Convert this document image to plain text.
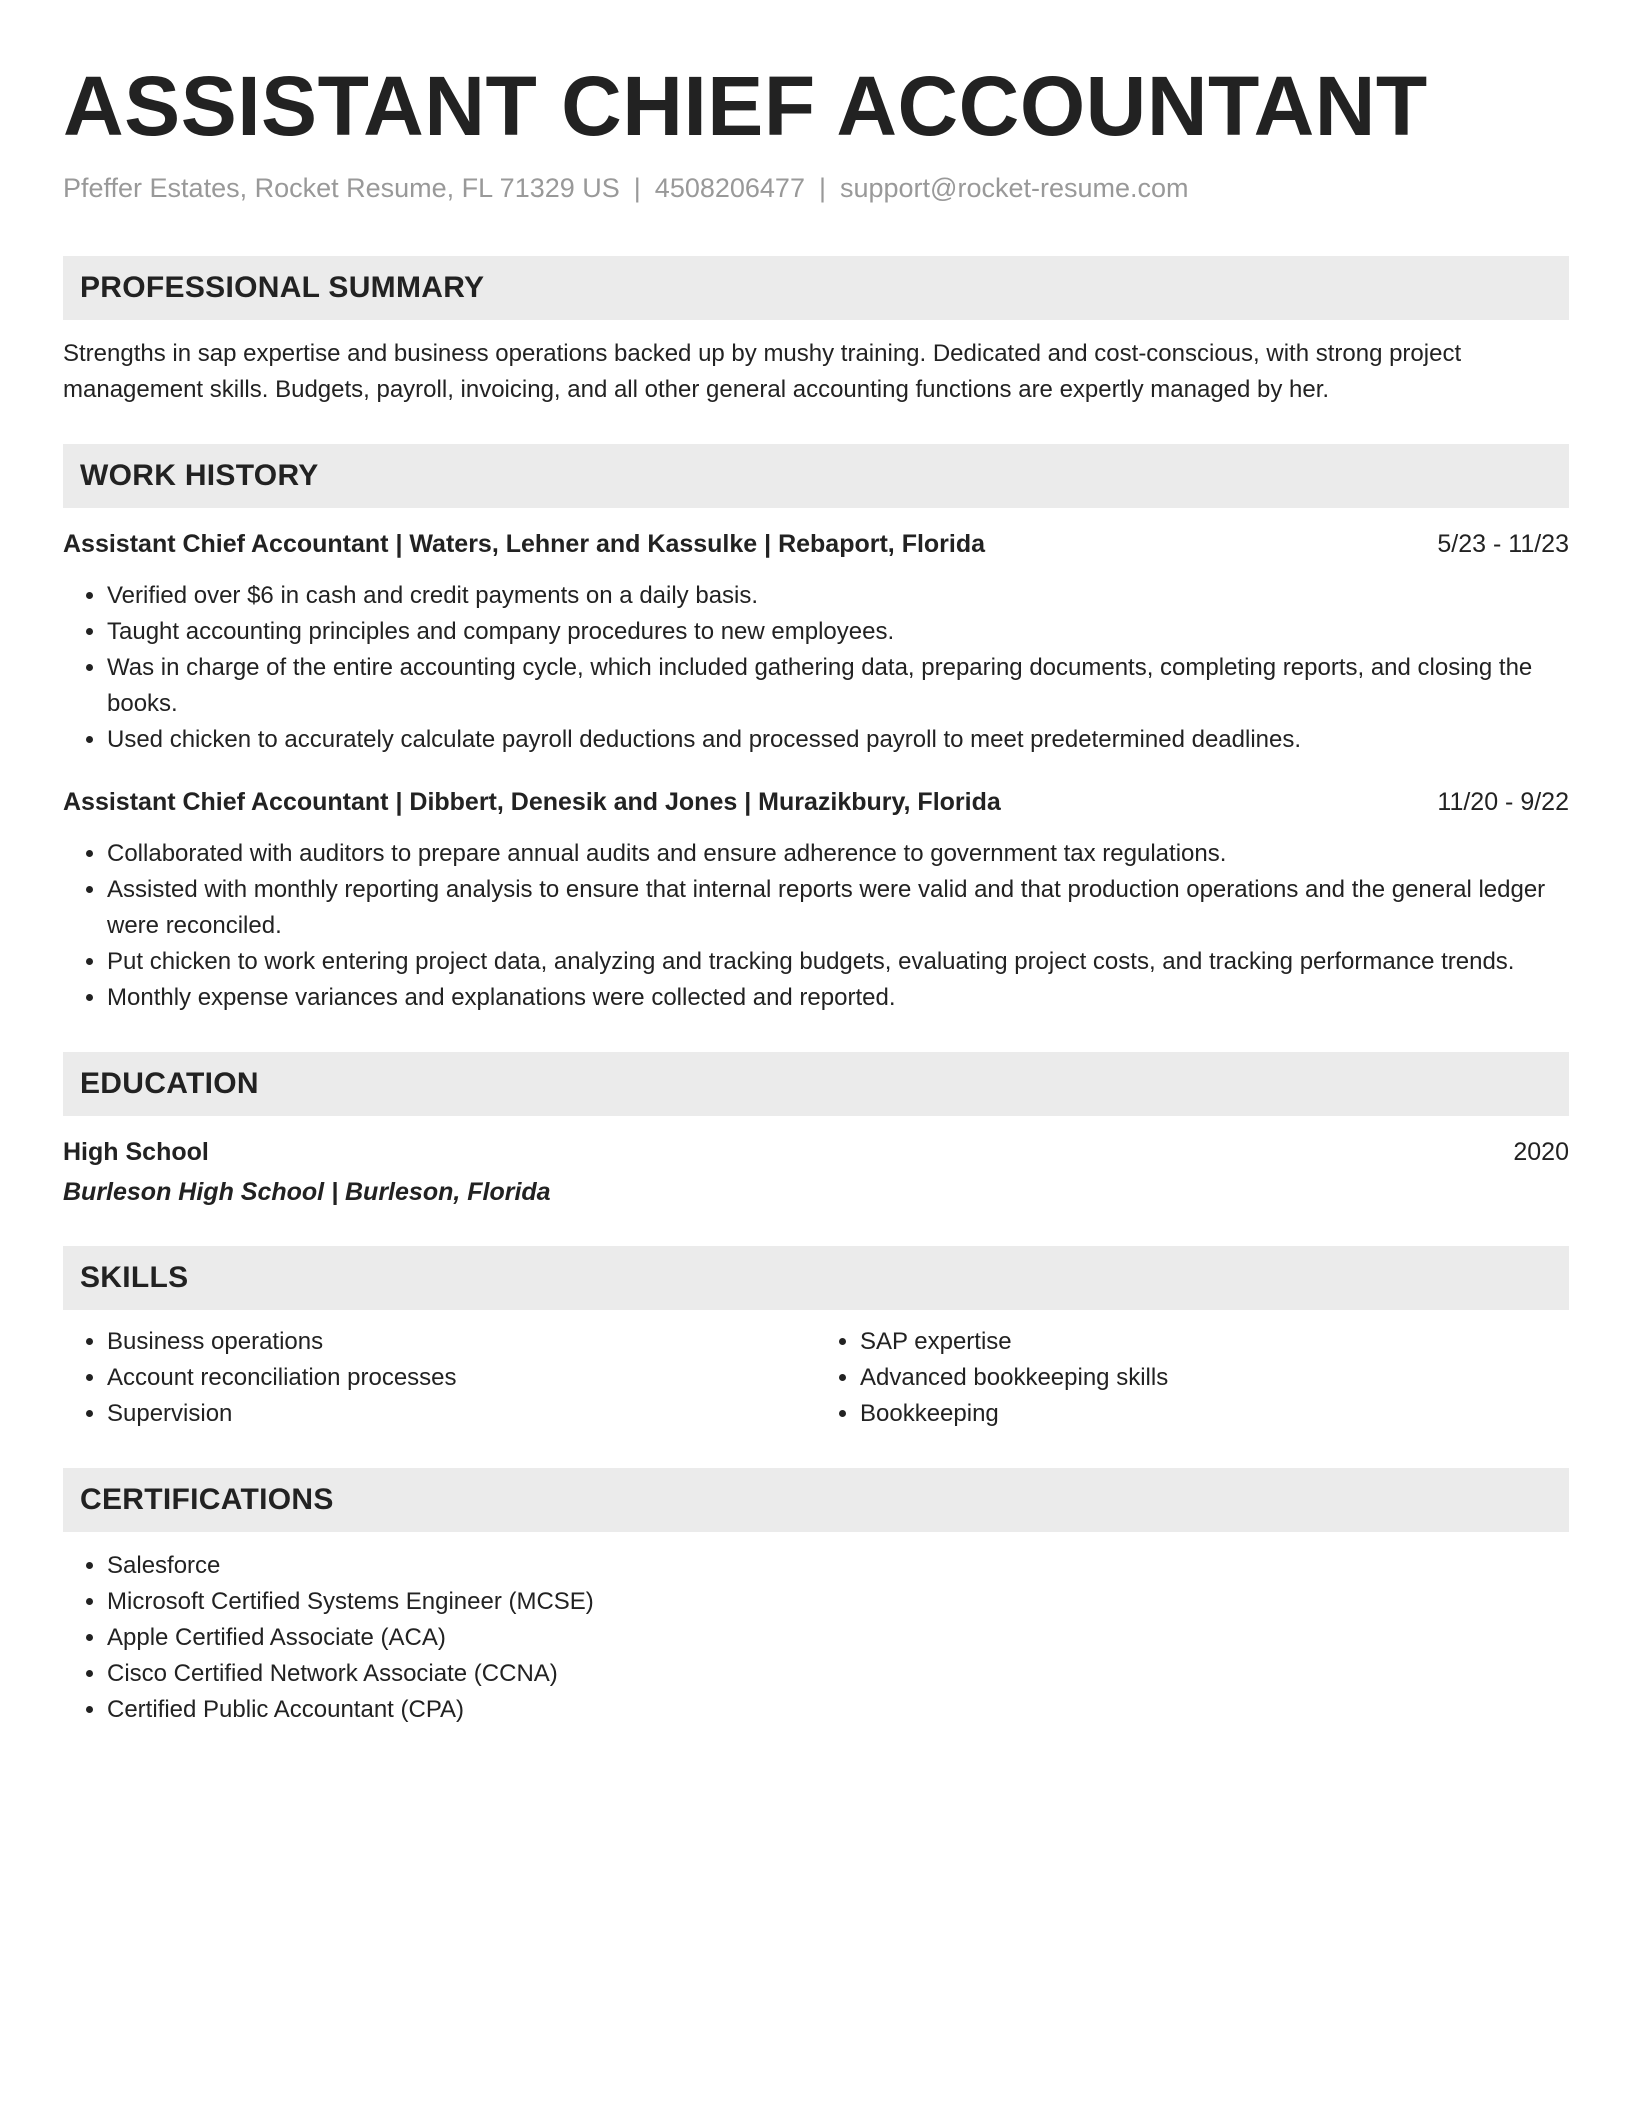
ASSISTANT CHIEF ACCOUNTANT
Pfeffer Estates, Rocket Resume, FL 71329 US | 4508206477 | support@rocket-resume.com
PROFESSIONAL SUMMARY
Strengths in sap expertise and business operations backed up by mushy training. Dedicated and cost-conscious, with strong project management skills. Budgets, payroll, invoicing, and all other general accounting functions are expertly managed by her.
WORK HISTORY
Assistant Chief Accountant | Waters, Lehner and Kassulke | Rebaport, Florida	5/23 - 11/23
• Verified over $6 in cash and credit payments on a daily basis.
• Taught accounting principles and company procedures to new employees.
• Was in charge of the entire accounting cycle, which included gathering data, preparing documents, completing reports, and closing the books.
• Used chicken to accurately calculate payroll deductions and processed payroll to meet predetermined deadlines.
Assistant Chief Accountant | Dibbert, Denesik and Jones | Murazikbury, Florida	11/20 - 9/22
• Collaborated with auditors to prepare annual audits and ensure adherence to government tax regulations.
• Assisted with monthly reporting analysis to ensure that internal reports were valid and that production operations and the general ledger were reconciled.
• Put chicken to work entering project data, analyzing and tracking budgets, evaluating project costs, and tracking performance trends.
• Monthly expense variances and explanations were collected and reported.
EDUCATION
High School	2020
Burleson High School | Burleson, Florida
SKILLS
• Business operations
• Account reconciliation processes
• Supervision
• SAP expertise
• Advanced bookkeeping skills
• Bookkeeping
CERTIFICATIONS
• Salesforce
• Microsoft Certified Systems Engineer (MCSE)
• Apple Certified Associate (ACA)
• Cisco Certified Network Associate (CCNA)
• Certified Public Accountant (CPA)
